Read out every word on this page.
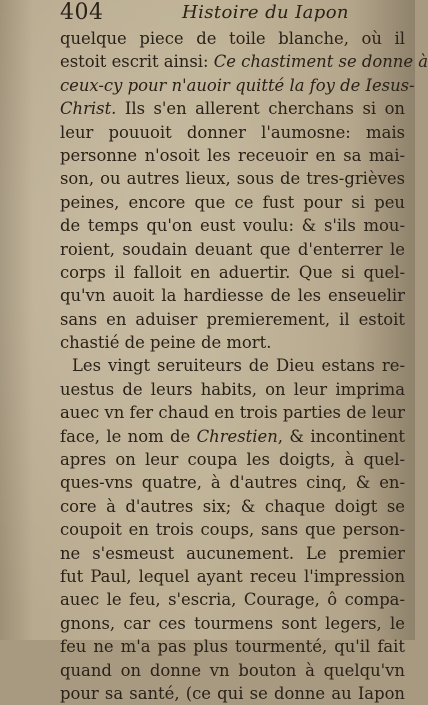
404	Histoire du Iapon
quelque piece de toile blanche, où il
estoit escrit ainsi: Ce chastiment se donne à
ceux-cy pour n'auoir quitté la foy de Iesus-
Christ. Ils s'en allerent cherchans si on
leur pouuoit donner l'aumosne: mais
personne n'osoit les receuoir en sa mai-
son, ou autres lieux, sous de tres-grièves
peines, encore que ce fust pour si peu
de temps qu'on eust voulu: & s'ils mou-
roient, soudain deuant que d'enterrer le
corps il falloit en aduertir. Que si quel-
qu'vn auoit la hardiesse de les enseuelir
sans en aduiser premierement, il estoit
chastié de peine de mort.
Les vingt seruiteurs de Dieu estans re-
uestus de leurs habits, on leur imprima
auec vn fer chaud en trois parties de leur
face, le nom de Chrestien, & incontinent
apres on leur coupa les doigts, à quel-
ques-vns quatre, à d'autres cinq, & en-
core à d'autres six; & chaque doigt se
coupoit en trois coups, sans que person-
ne s'esmeust aucunement. Le premier
fut Paul, lequel ayant receu l'impression
auec le feu, s'escria, Courage, ô compa-
gnons, car ces tourmens sont legers, le
feu ne m'a pas plus tourmenté, qu'il fait
quand on donne vn bouton à quelqu'vn
pour sa santé, (ce qui se donne au Iapon
